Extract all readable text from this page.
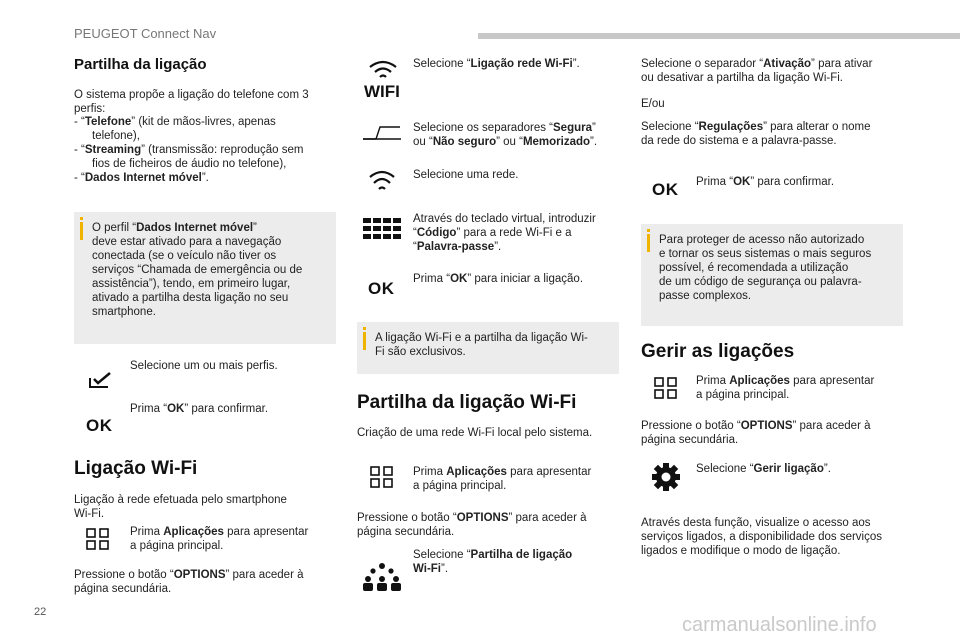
PEUGEOT Connect Nav
22
carmanualsonline.info
Partilha da ligação
O sistema propõe a ligação do telefone com 3 perfis:
- “Telefone” (kit de mãos-livres, apenas
telefone),
- “Streaming” (transmissão: reprodução sem
fios de ficheiros de áudio no telefone),
- “Dados Internet móvel”.
O perfil “Dados Internet móvel”
deve estar ativado para a navegação
conectada (se o veículo não tiver os
serviços “Chamada de emergência ou de
assistência”), tendo, em primeiro lugar,
ativado a partilha desta ligação no seu
smartphone.
Selecione um ou mais perfis.
OK
Prima “OK” para confirmar.
Ligação Wi-Fi
Ligação à rede efetuada pelo smartphone
Wi-Fi.
Prima Aplicações para apresentar
a página principal.
Pressione o botão “OPTIONS” para aceder à
página secundária.
WIFI
Selecione “Ligação rede Wi-Fi”.
Selecione os separadores “Segura”
ou “Não seguro” ou “Memorizado”.
Selecione uma rede.
Através do teclado virtual, introduzir
“Código” para a rede Wi-Fi e a
“Palavra-passe”.
OK Prima “OK” para iniciar a ligação.
A ligação Wi-Fi e a partilha da ligação Wi-
Fi são exclusivos.
Partilha da ligação Wi-Fi
Criação de uma rede Wi-Fi local pelo sistema.
Prima Aplicações para apresentar
a página principal.
Pressione o botão “OPTIONS” para aceder à
página secundária.
Selecione “Partilha de ligação
Wi-Fi”.
Selecione o separador “Ativação” para ativar
ou desativar a partilha da ligação Wi-Fi.
E/ou
Selecione “Regulações” para alterar o nome
da rede do sistema e a palavra-passe.
OK Prima “OK” para confirmar.
Para proteger de acesso não autorizado
e tornar os seus sistemas o mais seguros
possível, é recomendada a utilização
de um código de segurança ou palavra-
passe complexos.
Gerir as ligações
Prima Aplicações para apresentar
a página principal.
Pressione o botão “OPTIONS” para aceder à
página secundária.
Selecione “Gerir ligação”.
Através desta função, visualize o acesso aos
serviços ligados, a disponibilidade dos serviços
ligados e modifique o modo de ligação.
